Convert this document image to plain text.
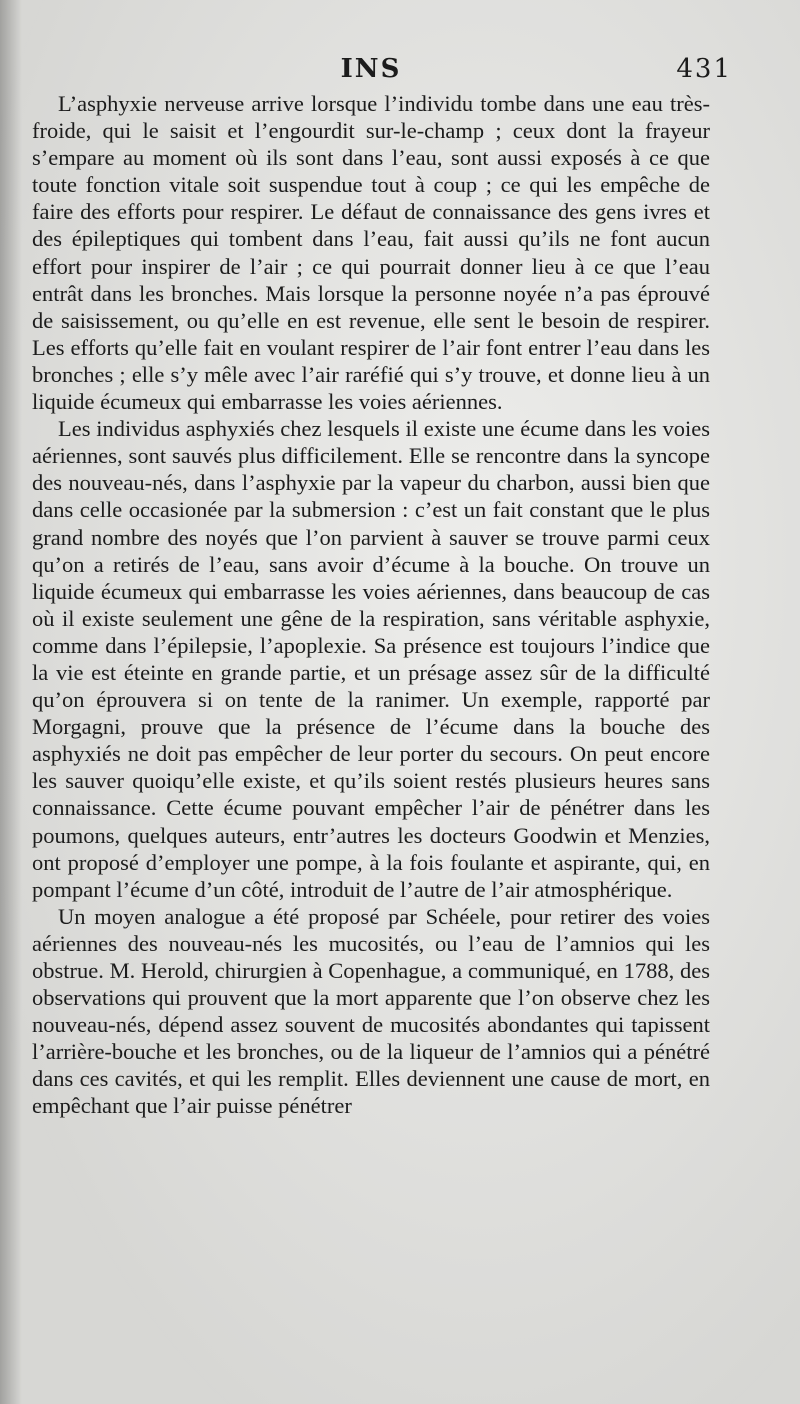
INS	431

L’asphyxie nerveuse arrive lorsque l’individu tombe dans une eau très-froide, qui le saisit et l’engourdit sur-le-champ ; ceux dont la frayeur s’empare au moment où ils sont dans l’eau, sont aussi exposés à ce que toute fonction vitale soit suspendue tout à coup ; ce qui les empêche de faire des efforts pour respirer. Le défaut de connaissance des gens ivres et des épileptiques qui tombent dans l’eau, fait aussi qu’ils ne font aucun effort pour inspirer de l’air ; ce qui pourrait donner lieu à ce que l’eau entrât dans les bronches. Mais lorsque la personne noyée n’a pas éprouvé de saisissement, ou qu’elle en est revenue, elle sent le besoin de respirer. Les efforts qu’elle fait en voulant respirer de l’air font entrer l’eau dans les bronches ; elle s’y mêle avec l’air raréfié qui s’y trouve, et donne lieu à un liquide écumeux qui embarrasse les voies aériennes.

Les individus asphyxiés chez lesquels il existe une écume dans les voies aériennes, sont sauvés plus difficilement. Elle se rencontre dans la syncope des nouveau-nés, dans l’asphyxie par la vapeur du charbon, aussi bien que dans celle occasionée par la submersion : c’est un fait constant que le plus grand nombre des noyés que l’on parvient à sauver se trouve parmi ceux qu’on a retirés de l’eau, sans avoir d’écume à la bouche. On trouve un liquide écumeux qui embarrasse les voies aériennes, dans beaucoup de cas où il existe seulement une gêne de la respiration, sans véritable asphyxie, comme dans l’épilepsie, l’apoplexie. Sa présence est toujours l’indice que la vie est éteinte en grande partie, et un présage assez sûr de la difficulté qu’on éprouvera si on tente de la ranimer. Un exemple, rapporté par Morgagni, prouve que la présence de l’écume dans la bouche des asphyxiés ne doit pas empêcher de leur porter du secours. On peut encore les sauver quoiqu’elle existe, et qu’ils soient restés plusieurs heures sans connaissance. Cette écume pouvant empêcher l’air de pénétrer dans les poumons, quelques auteurs, entr’autres les docteurs Goodwin et Menzies, ont proposé d’employer une pompe, à la fois foulante et aspirante, qui, en pompant l’écume d’un côté, introduit de l’autre de l’air atmosphérique.

Un moyen analogue a été proposé par Schéele, pour retirer des voies aériennes des nouveau-nés les mucosités, ou l’eau de l’amnios qui les obstrue. M. Herold, chirurgien à Copenhague, a communiqué, en 1788, des observations qui prouvent que la mort apparente que l’on observe chez les nouveau-nés, dépend assez souvent de mucosités abondantes qui tapissent l’arrière-bouche et les bronches, ou de la liqueur de l’amnios qui a pénétré dans ces cavités, et qui les remplit. Elles deviennent une cause de mort, en empêchant que l’air puisse pénétrer
